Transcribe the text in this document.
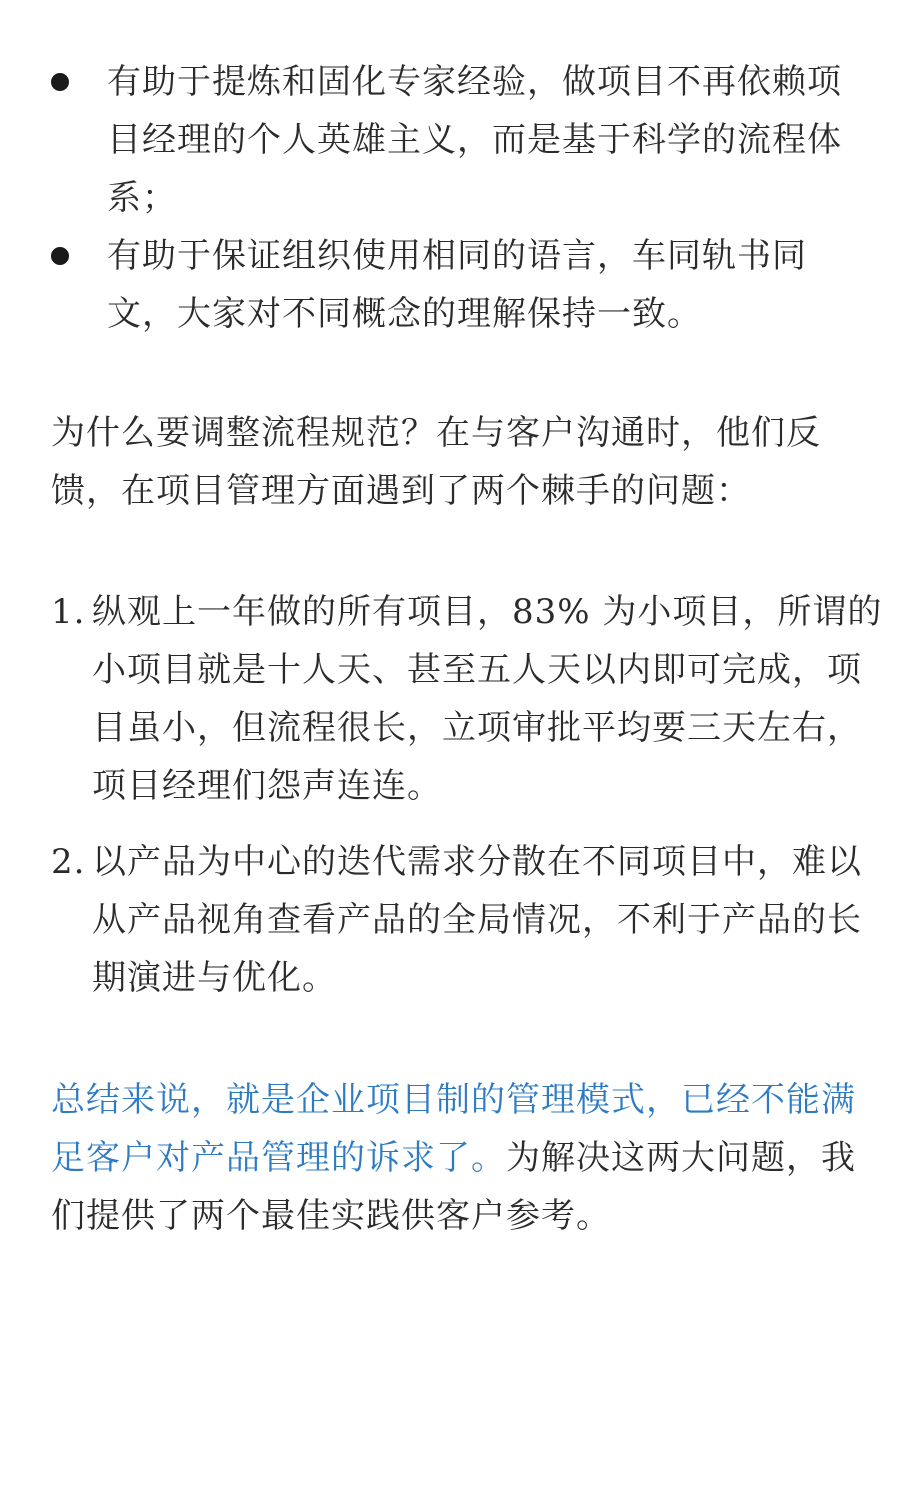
有助于提炼和固化专家经验，做项目不再依赖项
目经理的个人英雄主义，而是基于科学的流程体
系；
有助于保证组织使用相同的语言，车同轨书同
文，大家对不同概念的理解保持一致。
为什么要调整流程规范？在与客户沟通时，他们反
馈，在项目管理方面遇到了两个棘手的问题：
1. 纵观上一年做的所有项目，83% 为小项目，所谓的
小项目就是十人天、甚至五人天以内即可完成，项
目虽小，但流程很长，立项审批平均要三天左右，
项目经理们怨声连连。
2. 以产品为中心的迭代需求分散在不同项目中，难以
从产品视角查看产品的全局情况，不利于产品的长
期演进与优化。
总结来说，就是企业项目制的管理模式，已经不能满
足客户对产品管理的诉求了。为解决这两大问题，我
们提供了两个最佳实践供客户参考。
